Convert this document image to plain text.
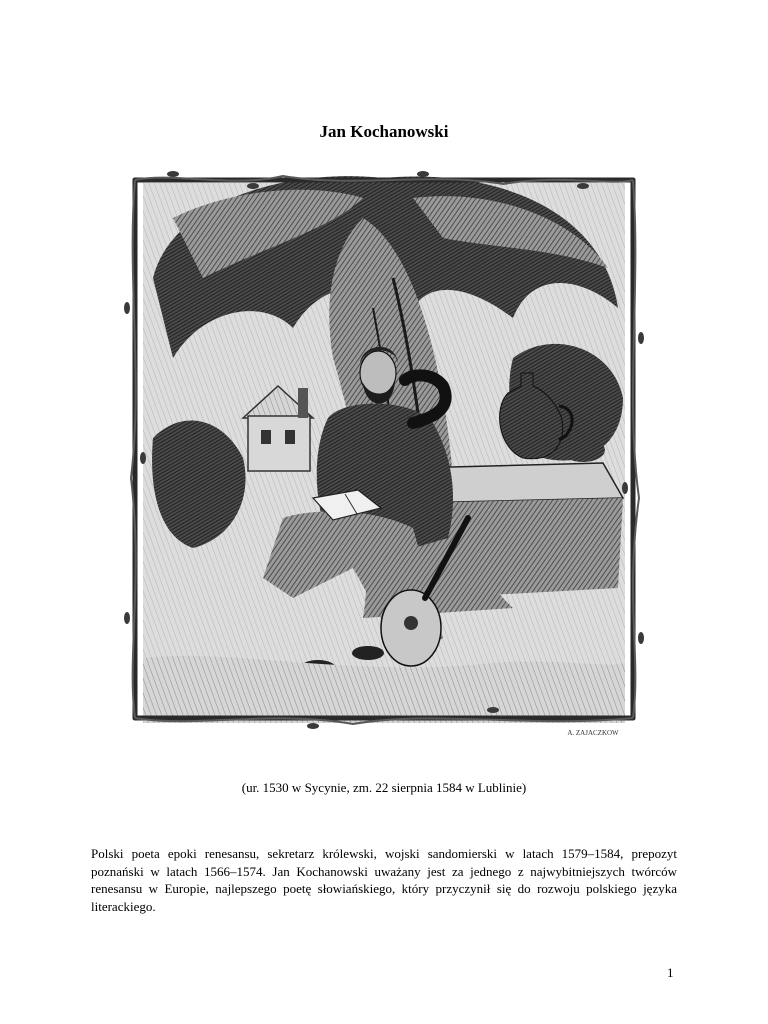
Jan Kochanowski
A. ZAJACZKOW
(ur. 1530 w Sycynie, zm. 22 sierpnia 1584 w Lublinie)

Polski poeta epoki renesansu, sekretarz królewski, wojski sandomierski w latach 1579–1584, prepozyt poznański w latach 1566–1574. Jan Kochanowski uważany jest za jednego z najwybitniejszych twórców renesansu w Europie, najlepszego poetę słowiańskiego, który przyczynił się do rozwoju polskiego języka literackiego.

1
